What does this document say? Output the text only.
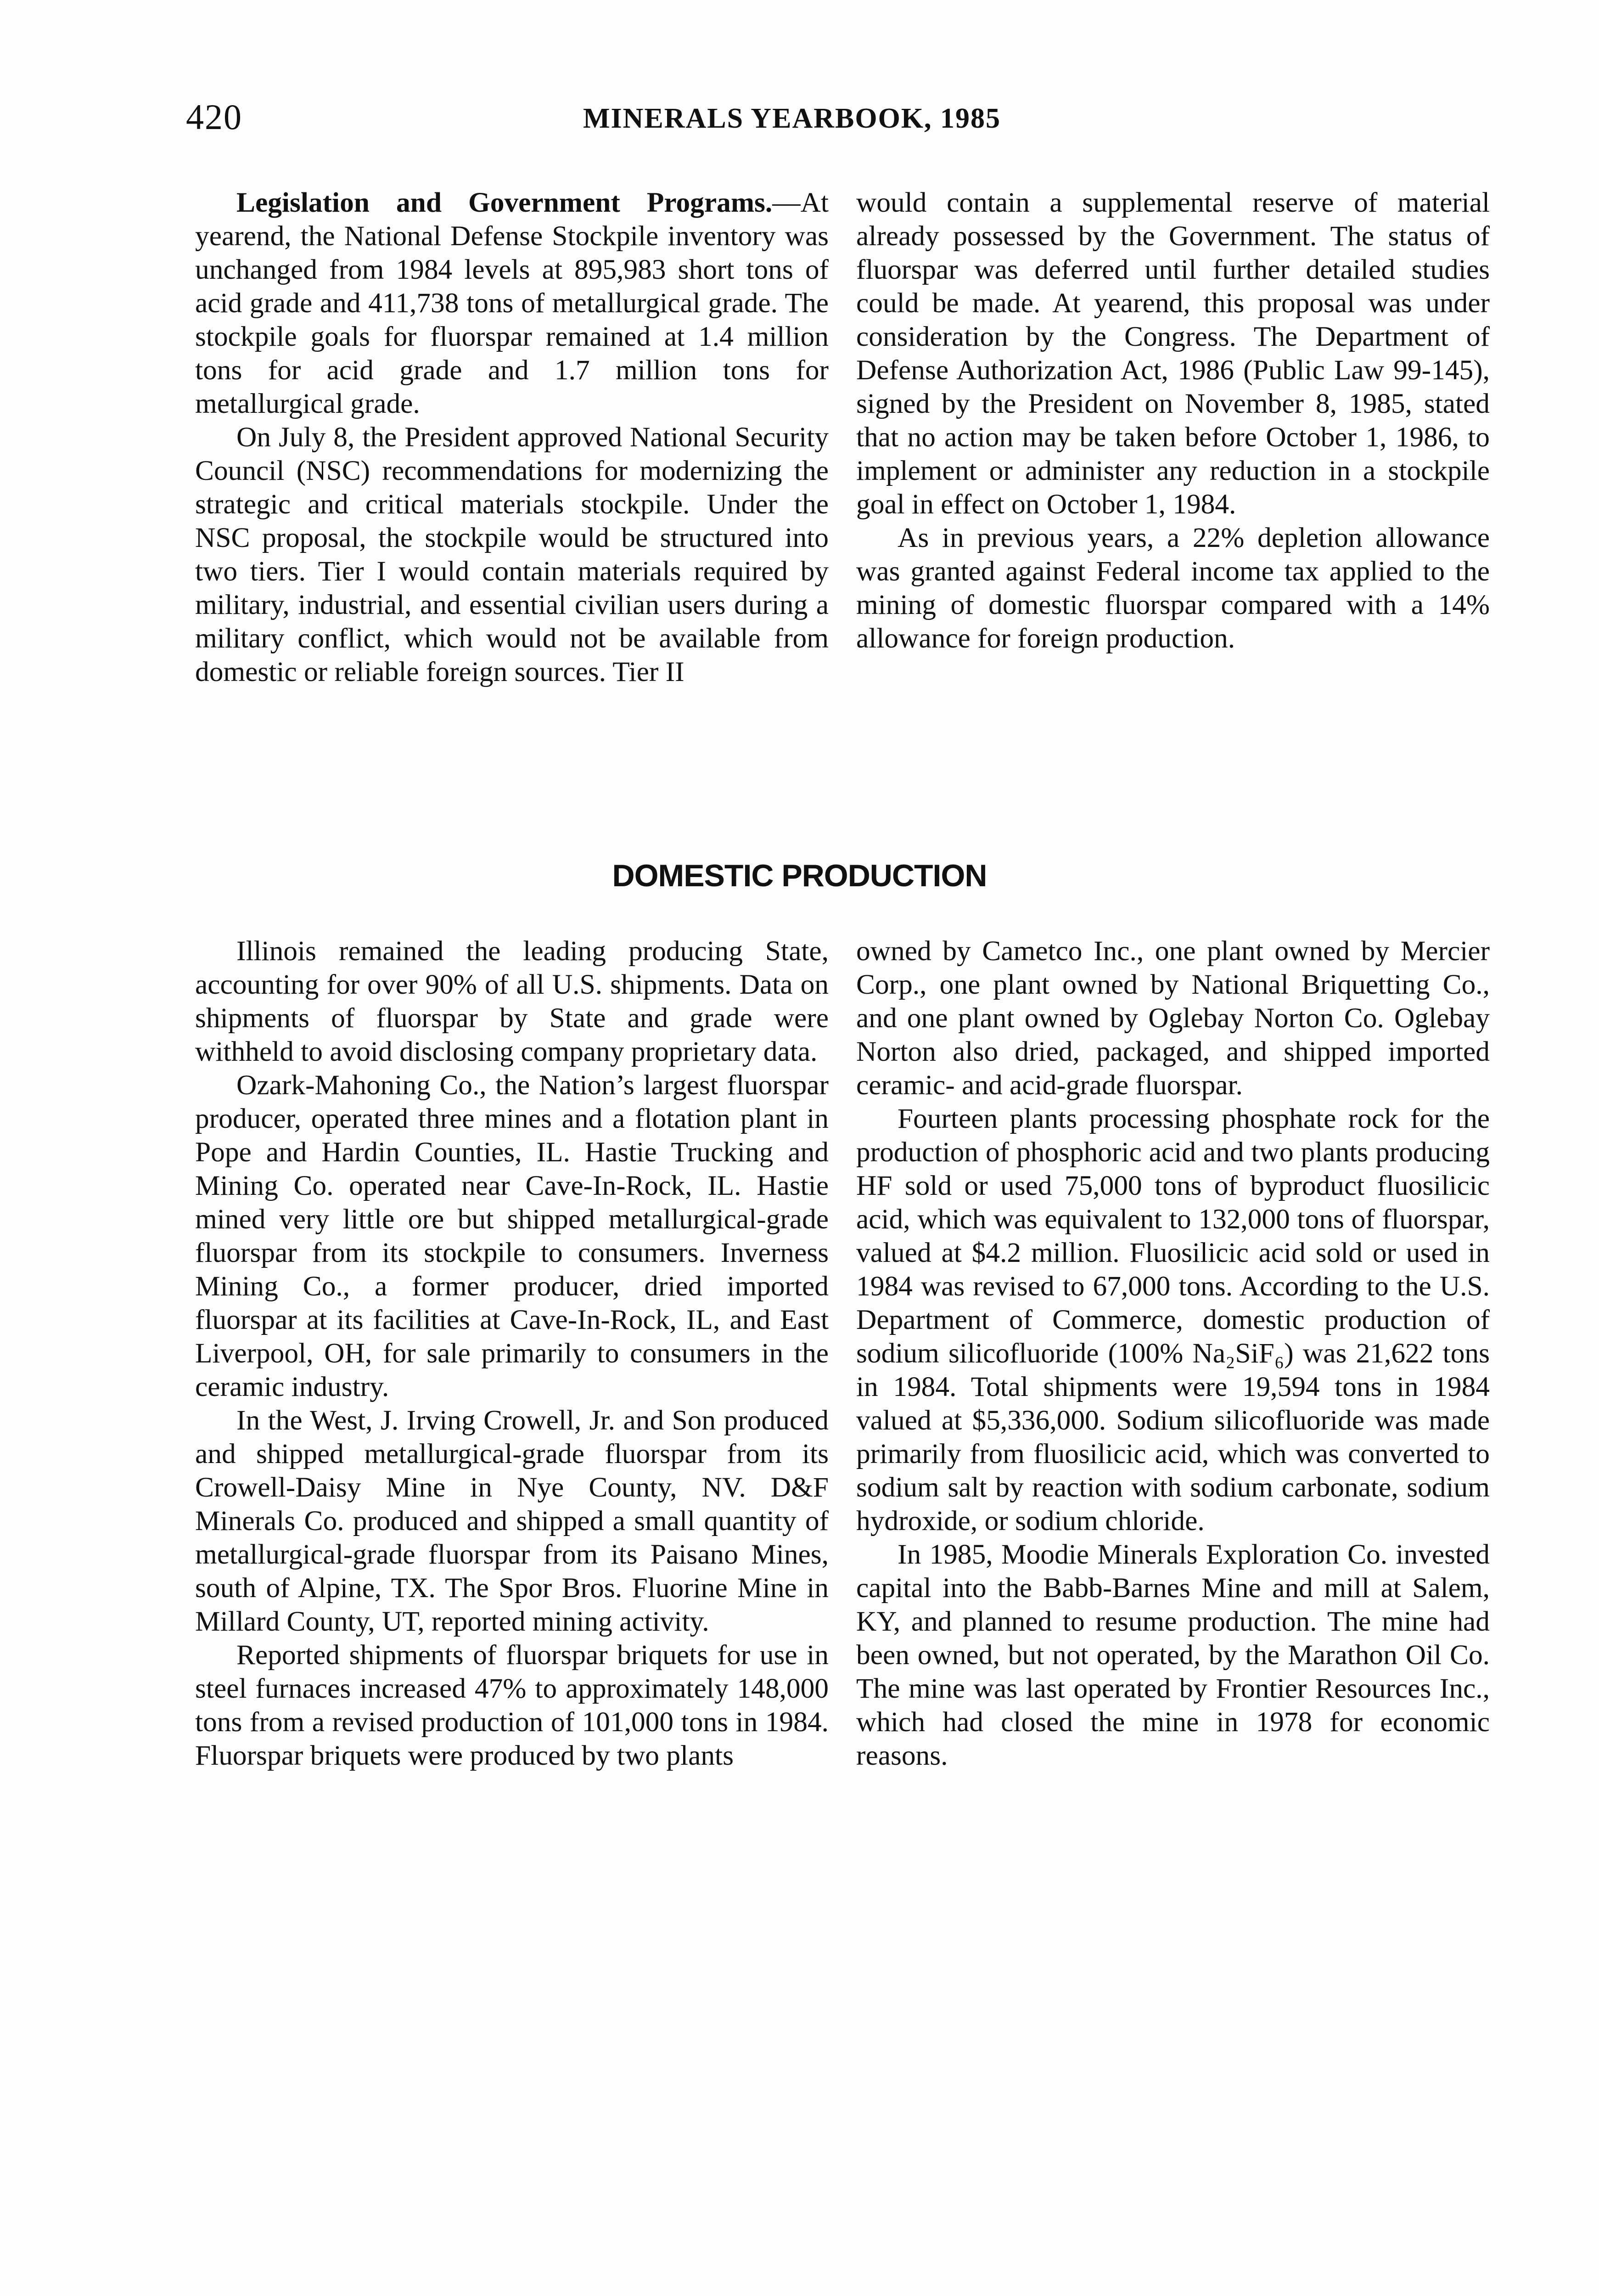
420	MINERALS YEARBOOK, 1985

Legislation and Government Programs.—At yearend, the National Defense Stockpile inventory was unchanged from 1984 levels at 895,983 short tons of acid grade and 411,738 tons of metallurgical grade. The stockpile goals for fluorspar remained at 1.4 million tons for acid grade and 1.7 million tons for metallurgical grade.

On July 8, the President approved National Security Council (NSC) recommendations for modernizing the strategic and critical materials stockpile. Under the NSC proposal, the stockpile would be structured into two tiers. Tier I would contain materials required by military, industrial, and essential civilian users during a military conflict, which would not be available from domestic or reliable foreign sources. Tier II

would contain a supplemental reserve of material already possessed by the Government. The status of fluorspar was deferred until further detailed studies could be made. At yearend, this proposal was under consideration by the Congress. The Department of Defense Authorization Act, 1986 (Public Law 99-145), signed by the President on November 8, 1985, stated that no action may be taken before October 1, 1986, to implement or administer any reduction in a stockpile goal in effect on October 1, 1984.

As in previous years, a 22% depletion allowance was granted against Federal income tax applied to the mining of domestic fluorspar compared with a 14% allowance for foreign production.

DOMESTIC PRODUCTION

Illinois remained the leading producing State, accounting for over 90% of all U.S. shipments. Data on shipments of fluorspar by State and grade were withheld to avoid disclosing company proprietary data.

Ozark-Mahoning Co., the Nation’s largest fluorspar producer, operated three mines and a flotation plant in Pope and Hardin Counties, IL. Hastie Trucking and Mining Co. operated near Cave-In-Rock, IL. Hastie mined very little ore but shipped metallurgical-grade fluorspar from its stockpile to consumers. Inverness Mining Co., a former producer, dried imported fluorspar at its facilities at Cave-In-Rock, IL, and East Liverpool, OH, for sale primarily to consumers in the ceramic industry.

In the West, J. Irving Crowell, Jr. and Son produced and shipped metallurgical-grade fluorspar from its Crowell-Daisy Mine in Nye County, NV. D&F Minerals Co. produced and shipped a small quantity of metallurgical-grade fluorspar from its Paisano Mines, south of Alpine, TX. The Spor Bros. Fluorine Mine in Millard County, UT, reported mining activity.

Reported shipments of fluorspar briquets for use in steel furnaces increased 47% to approximately 148,000 tons from a revised production of 101,000 tons in 1984. Fluorspar briquets were produced by two plants

owned by Cametco Inc., one plant owned by Mercier Corp., one plant owned by National Briquetting Co., and one plant owned by Oglebay Norton Co. Oglebay Norton also dried, packaged, and shipped imported ceramic- and acid-grade fluorspar.

Fourteen plants processing phosphate rock for the production of phosphoric acid and two plants producing HF sold or used 75,000 tons of byproduct fluosilicic acid, which was equivalent to 132,000 tons of fluorspar, valued at $4.2 million. Fluosilicic acid sold or used in 1984 was revised to 67,000 tons. According to the U.S. Department of Commerce, domestic production of sodium silicofluoride (100% Na₂SiF₆) was 21,622 tons in 1984. Total shipments were 19,594 tons in 1984 valued at $5,336,000. Sodium silicofluoride was made primarily from fluosilicic acid, which was converted to sodium salt by reaction with sodium carbonate, sodium hydroxide, or sodium chloride.

In 1985, Moodie Minerals Exploration Co. invested capital into the Babb-Barnes Mine and mill at Salem, KY, and planned to resume production. The mine had been owned, but not operated, by the Marathon Oil Co. The mine was last operated by Frontier Resources Inc., which had closed the mine in 1978 for economic reasons.
